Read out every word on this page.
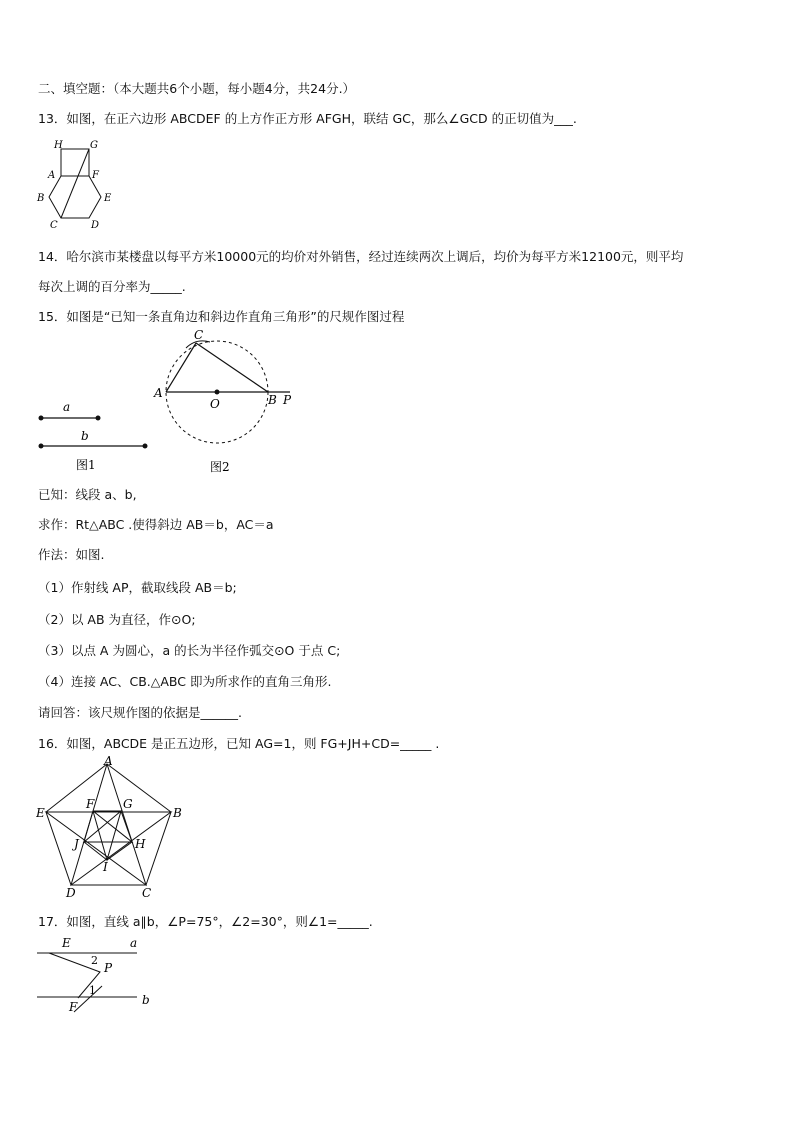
二、填空题：（本大题共6个小题，每小题4分，共24分.）
13．如图，在正六边形 ABCDEF 的上方作正方形 AFGH，联结 GC，那么∠GCD 的正切值为___.
H	G
A	F
B	E
C	D
14．哈尔滨市某楼盘以每平方米10000元的均价对外销售，经过连续两次上调后，均价为每平方米12100元，则平均
每次上调的百分率为_____.
15．如图是“已知一条直角边和斜边作直角三角形”的尺规作图过程
a
b
图1
C
A
O	B P
图2
已知：线段 a、b,
求作：Rt△ABC .使得斜边 AB＝b，AC＝a
作法：如图.
（1）作射线 AP，截取线段 AB＝b;
（2）以 AB 为直径，作⊙O;
（3）以点 A 为圆心，a 的长为半径作弧交⊙O 于点 C;
（4）连接 AC、CB.△ABC 即为所求作的直角三角形.
请回答：该尺规作图的依据是______.
16．如图，ABCDE 是正五边形，已知 AG=1，则 FG+JH+CD=_____ .
A
B
C
D
E
F G
H
I
J
17．如图，直线 a∥b，∠P=75°，∠2=30°，则∠1=_____.
E	a
2
P
1
b
F
